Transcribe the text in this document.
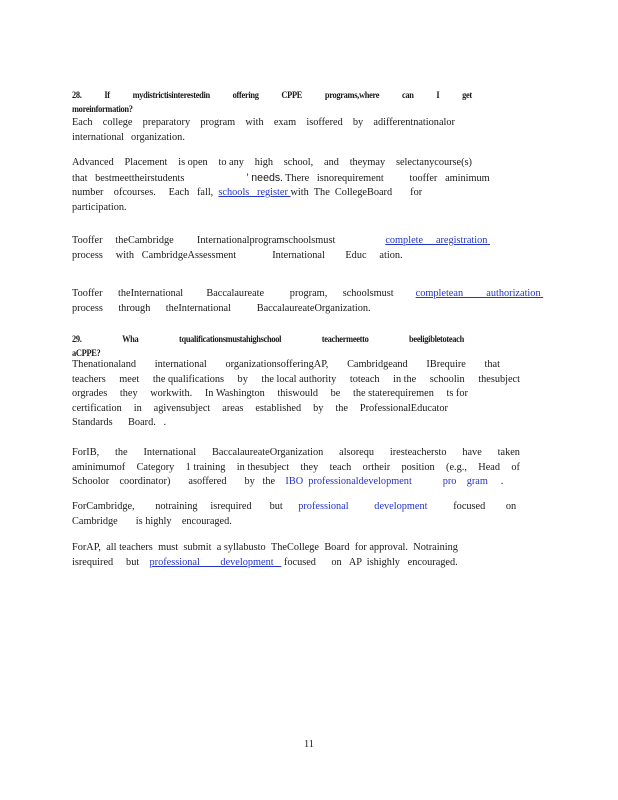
28.	If	mydistrictisinterestedin	offering	CPPE	programs,where	can	I	get
moreinformation?
Each college preparatory program with exam isoffered by adifferentnationalor
international organization.
Advanced Placement is open to any high school, and theymay selectanycourse(s)
that   bestmeettheirstudents	’ needs. There   isnorequirement          tooffer   aminimum
number    ofcourses.     Each   fall, schools   register with  The  CollegeBoard       for
participation.
Tooffer     theCambridge         Internationalprogramschoolsmust	complete     aregistration
process     with   CambridgeAssessment              International        Educ     ation.
Tooffer      theInternational         Baccalaureate          program,      schoolsmust completean         authorization
process      through      theInternational          BaccalaureateOrganization.
29.	Wha	tqualificationsmustahighschool	teachermeetto	beeligibletoteach
aCPPE?
Thenationaland international organizationsofferingAP, Cambridgeand IBrequire that
teachers meet the qualifications by the local authority toteach in the schoolin thesubject
orgrades they workwith. In Washington thiswould be the staterequiremen ts for
certification in agivensubject areas established by the ProfessionalEducator
Standards      Board.   .
ForIB, the International BaccalaureateOrganization alsorequ iresteachersto have taken
aminimumof Category 1 training in thesubject they teach ortheir position (e.g., Head of
Schoolor    coordinator)       asoffered       by   the IBO  professionaldevelopment            pro    gram .
ForCambridge,        notraining     isrequired       but professional          development	focused        on
Cambridge       is highly    encouraged.
ForAP, all teachers must submit a syllabusto TheCollege Board for approval. Notraining
isrequired     but professional        development    focused      on   AP  ishighly   encouraged.
11
